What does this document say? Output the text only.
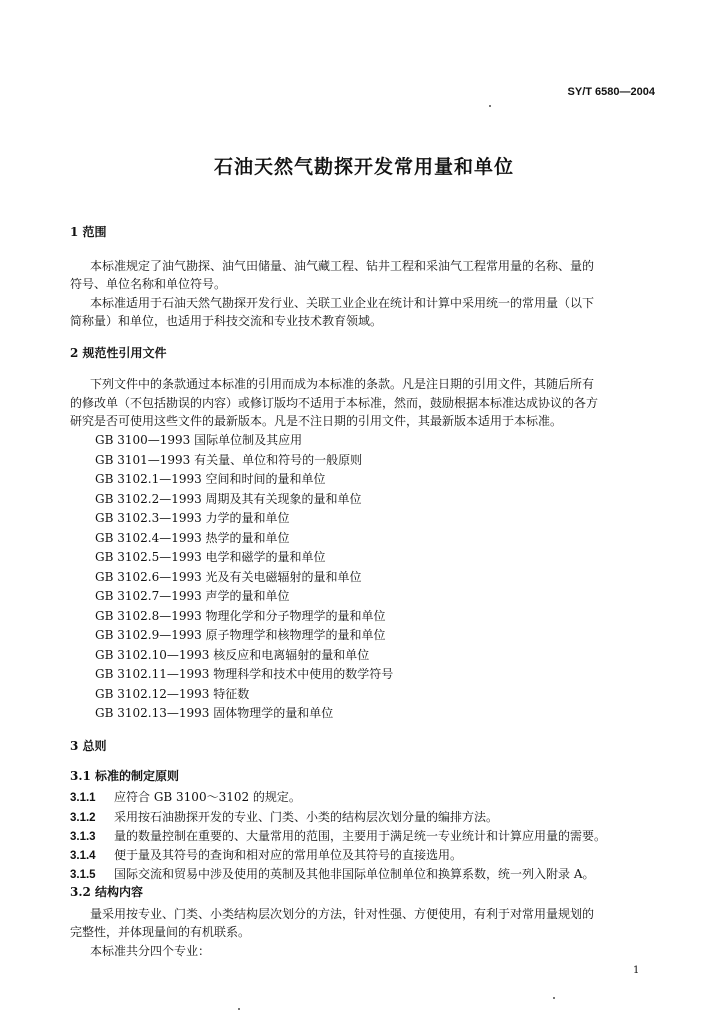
SY/T 6580—2004
石油天然气勘探开发常用量和单位
1 范围
本标准规定了油气勘探、油气田储量、油气藏工程、钻井工程和采油气工程常用量的名称、量的
符号、单位名称和单位符号。
本标准适用于石油天然气勘探开发行业、关联工业企业在统计和计算中采用统一的常用量（以下
简称量）和单位，也适用于科技交流和专业技术教育领域。
2 规范性引用文件
下列文件中的条款通过本标准的引用而成为本标准的条款。凡是注日期的引用文件，其随后所有
的修改单（不包括勘误的内容）或修订版均不适用于本标准，然而，鼓励根据本标准达成协议的各方
研究是否可使用这些文件的最新版本。凡是不注日期的引用文件，其最新版本适用于本标准。
GB 3100—1993 国际单位制及其应用
GB 3101—1993 有关量、单位和符号的一般原则
GB 3102.1—1993 空间和时间的量和单位
GB 3102.2—1993 周期及其有关现象的量和单位
GB 3102.3—1993 力学的量和单位
GB 3102.4—1993 热学的量和单位
GB 3102.5—1993 电学和磁学的量和单位
GB 3102.6—1993 光及有关电磁辐射的量和单位
GB 3102.7—1993 声学的量和单位
GB 3102.8—1993 物理化学和分子物理学的量和单位
GB 3102.9—1993 原子物理学和核物理学的量和单位
GB 3102.10—1993 核反应和电离辐射的量和单位
GB 3102.11—1993 物理科学和技术中使用的数学符号
GB 3102.12—1993 特征数
GB 3102.13—1993 固体物理学的量和单位
3 总则
3.1 标准的制定原则
3.1.1 应符合 GB 3100～3102 的规定。
3.1.2 采用按石油勘探开发的专业、门类、小类的结构层次划分量的编排方法。
3.1.3 量的数量控制在重要的、大量常用的范围，主要用于满足统一专业统计和计算应用量的需要。
3.1.4 便于量及其符号的查询和相对应的常用单位及其符号的直接选用。
3.1.5 国际交流和贸易中涉及使用的英制及其他非国际单位制单位和换算系数，统一列入附录 A。
3.2 结构内容
量采用按专业、门类、小类结构层次划分的方法，针对性强、方便使用，有利于对常用量规划的
完整性，并体现量间的有机联系。
本标准共分四个专业：
1
